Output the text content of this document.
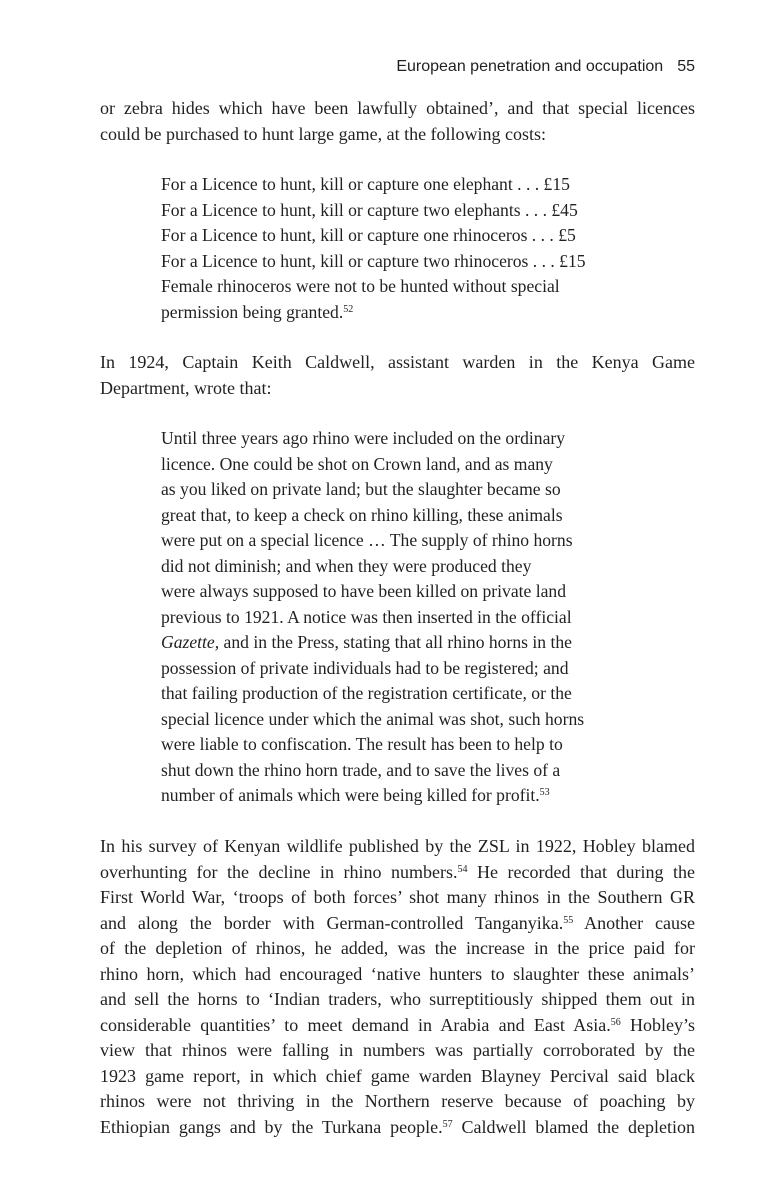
European penetration and occupation 55
or zebra hides which have been lawfully obtained’, and that special licences
could be purchased to hunt large game, at the following costs:
For a Licence to hunt, kill or capture one elephant . . . £15
For a Licence to hunt, kill or capture two elephants . . . £45
For a Licence to hunt, kill or capture one rhinoceros . . . £5
For a Licence to hunt, kill or capture two rhinoceros . . . £15
Female rhinoceros were not to be hunted without special
permission being granted.$^{52}$
In 1924, Captain Keith Caldwell, assistant warden in the Kenya Game
Department, wrote that:
Until three years ago rhino were included on the ordinary
licence. One could be shot on Crown land, and as many
as you liked on private land; but the slaughter became so
great that, to keep a check on rhino killing, these animals
were put on a special licence … The supply of rhino horns
did not diminish; and when they were produced they
were always supposed to have been killed on private land
previous to 1921. A notice was then inserted in the official
Gazette, and in the Press, stating that all rhino horns in the
possession of private individuals had to be registered; and
that failing production of the registration certificate, or the
special licence under which the animal was shot, such horns
were liable to confiscation. The result has been to help to
shut down the rhino horn trade, and to save the lives of a
number of animals which were being killed for profit.$^{53}$
In his survey of Kenyan wildlife published by the ZSL in 1922, Hobley blamed
overhunting for the decline in rhino numbers.$^{54}$ He recorded that during the
First World War, ‘troops of both forces’ shot many rhinos in the Southern GR
and along the border with German-controlled Tanganyika.$^{55}$ Another cause
of the depletion of rhinos, he added, was the increase in the price paid for
rhino horn, which had encouraged ‘native hunters to slaughter these animals’
and sell the horns to ‘Indian traders, who surreptitiously shipped them out in
considerable quantities’ to meet demand in Arabia and East Asia.$^{56}$ Hobley’s
view that rhinos were falling in numbers was partially corroborated by the
1923 game report, in which chief game warden Blayney Percival said black
rhinos were not thriving in the Northern reserve because of poaching by
Ethiopian gangs and by the Turkana people.$^{57}$ Caldwell blamed the depletion
